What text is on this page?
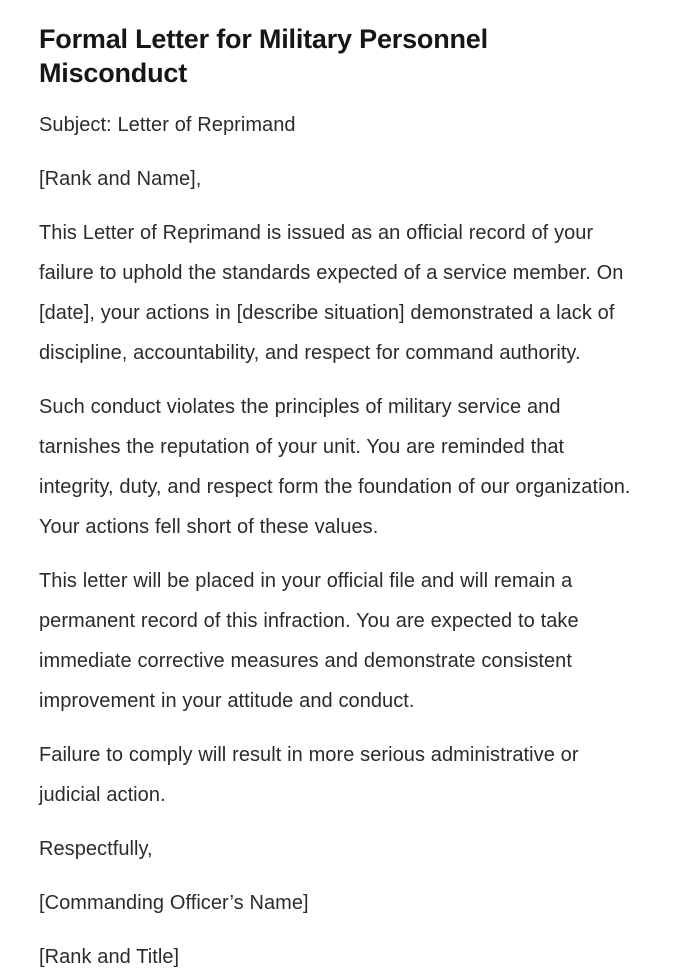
Formal Letter for Military Personnel Misconduct

Subject: Letter of Reprimand

[Rank and Name],

This Letter of Reprimand is issued as an official record of your failure to uphold the standards expected of a service member. On [date], your actions in [describe situation] demonstrated a lack of discipline, accountability, and respect for command authority.

Such conduct violates the principles of military service and tarnishes the reputation of your unit. You are reminded that integrity, duty, and respect form the foundation of our organization. Your actions fell short of these values.

This letter will be placed in your official file and will remain a permanent record of this infraction. You are expected to take immediate corrective measures and demonstrate consistent improvement in your attitude and conduct.

Failure to comply will result in more serious administrative or judicial action.

Respectfully,

[Commanding Officer’s Name]

[Rank and Title]
